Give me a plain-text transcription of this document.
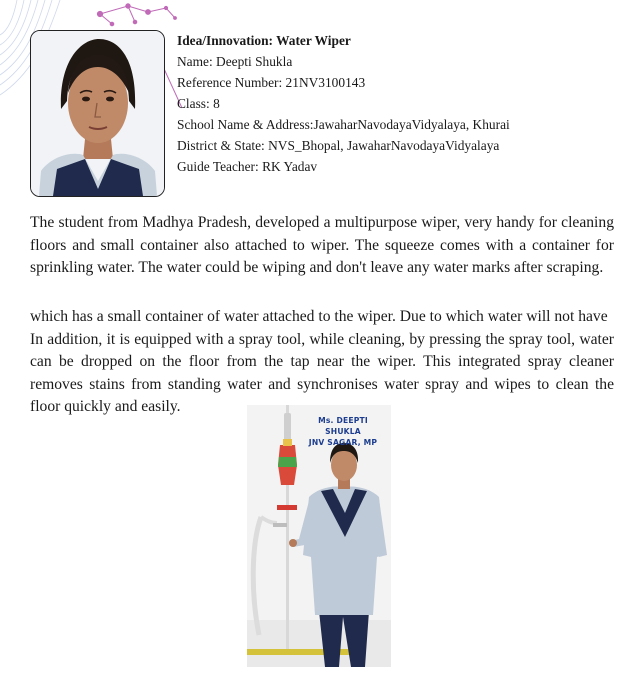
Idea/Innovation: Water Wiper
Name: Deepti Shukla
Reference Number: 21NV3100143
Class: 8
School Name & Address:JawaharNavodayaVidyalaya, Khurai
District & State: NVS_Bhopal, JawaharNavodayaVidyalaya
Guide Teacher: RK Yadav

The student from Madhya Pradesh, developed a multipurpose wiper, very handy for cleaning floors and small container also attached to wiper. The squeeze comes with a container for sprinkling water. The water could be wiping and don't leave any water marks after scraping.

which has a small container of water attached to the wiper. Due to which water will not have
In addition, it is equipped with a spray tool, while cleaning, by pressing the spray tool, water can be dropped on the floor from the tap near the wiper. This integrated spray cleaner removes stains from standing water and synchronises water spray and wipes to clean the floor quickly and easily.
Ms. DEEPTI SHUKLA
JNV SAGAR, MP
